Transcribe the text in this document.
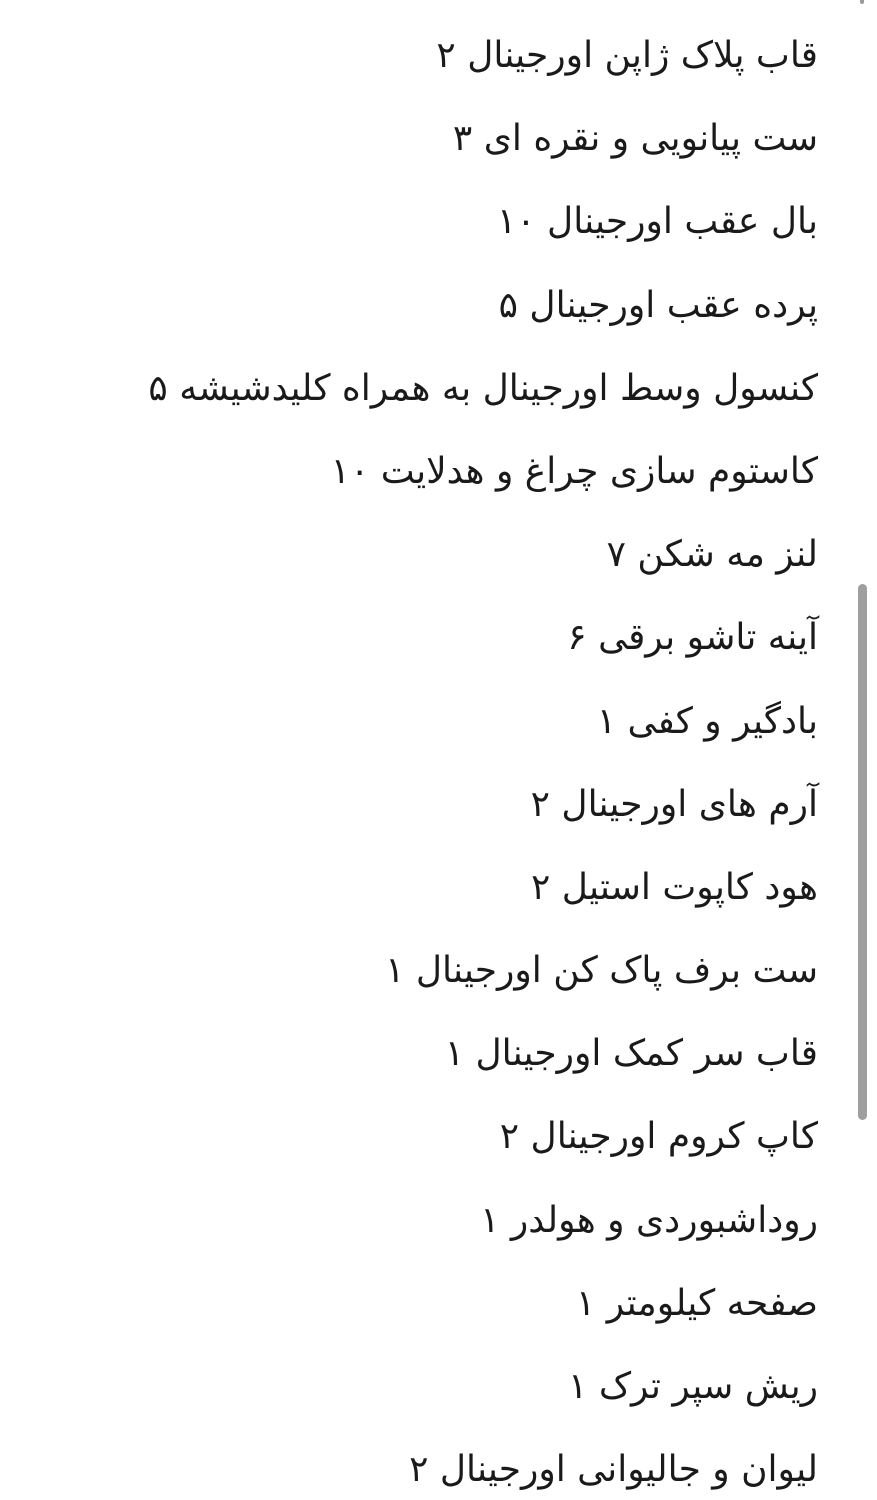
قاب پلاک ژاپن اورجینال ۲
ست پیانویی و نقره ای ۳
بال عقب اورجینال ۱۰
پرده عقب اورجینال ۵
کنسول وسط اورجینال به همراه کلیدشیشه ۵
کاستوم سازی چراغ و هدلایت ۱۰
لنز مه شکن ۷
آینه تاشو برقی ۶
بادگیر و کفی ۱
آرم های اورجینال ۲
هود کاپوت استیل ۲
ست برف پاک کن اورجینال ۱
قاب سر کمک اورجینال ۱
کاپ کروم اورجینال ۲
روداشبوردی و هولدر ۱
صفحه کیلومتر ۱
ریش سپر ترک ۱
لیوان و جالیوانی اورجینال ۲
